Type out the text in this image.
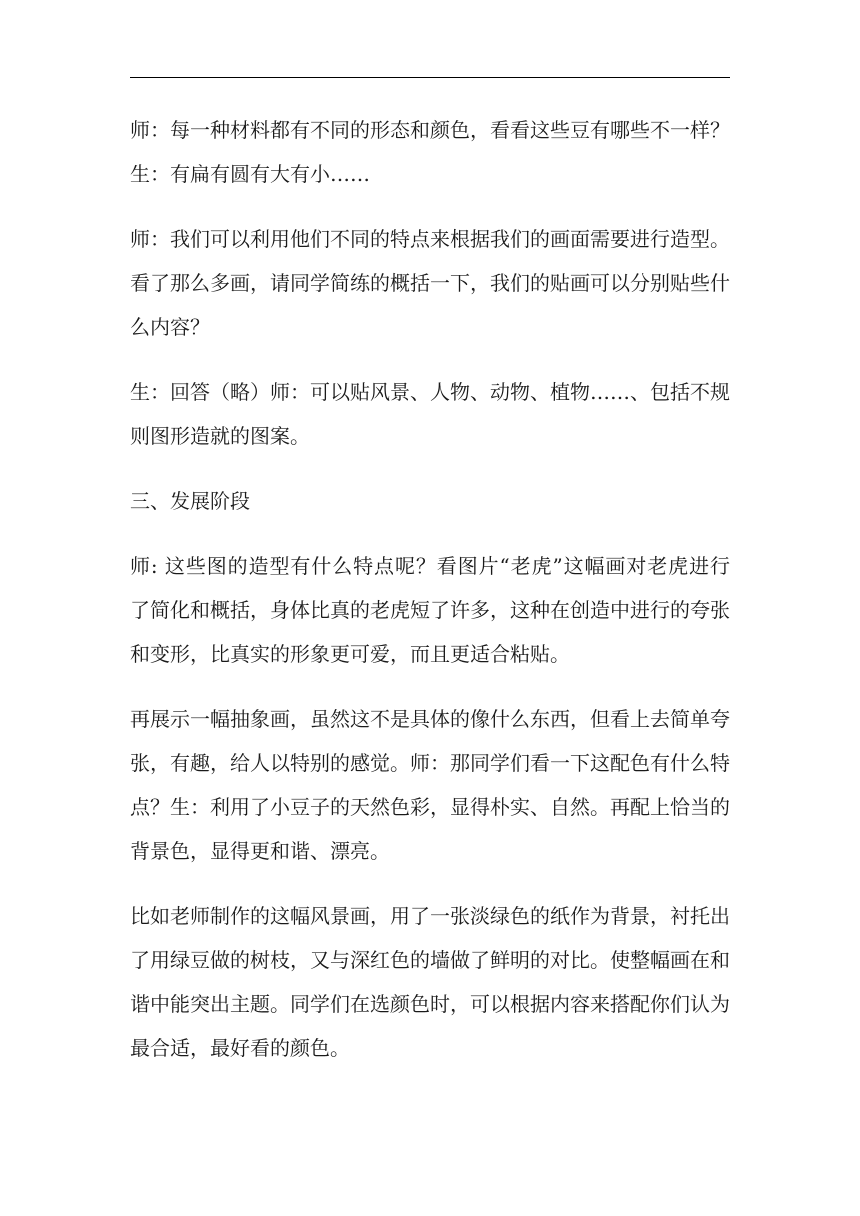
师：每一种材料都有不同的形态和颜色，看看这些豆有哪些不一样？
生：有扁有圆有大有小……
师：我们可以利用他们不同的特点来根据我们的画面需要进行造型。
看了那么多画，请同学简练的概括一下，我们的贴画可以分别贴些什
么内容？
生：回答（略）师：可以贴风景、人物、动物、植物……、包括不规
则图形造就的图案。
三、发展阶段
师: 这些图的造型有什么特点呢？看图片“老虎”这幅画对老虎进行
了简化和概括，身体比真的老虎短了许多，这种在创造中进行的夸张
和变形，比真实的形象更可爱，而且更适合粘贴。
再展示一幅抽象画，虽然这不是具体的像什么东西，但看上去简单夸
张，有趣，给人以特别的感觉。师：那同学们看一下这配色有什么特
点？生：利用了小豆子的天然色彩，显得朴实、自然。再配上恰当的
背景色，显得更和谐、漂亮。
比如老师制作的这幅风景画，用了一张淡绿色的纸作为背景，衬托出
了用绿豆做的树枝，又与深红色的墙做了鲜明的对比。使整幅画在和
谐中能突出主题。同学们在选颜色时，可以根据内容来搭配你们认为
最合适，最好看的颜色。
